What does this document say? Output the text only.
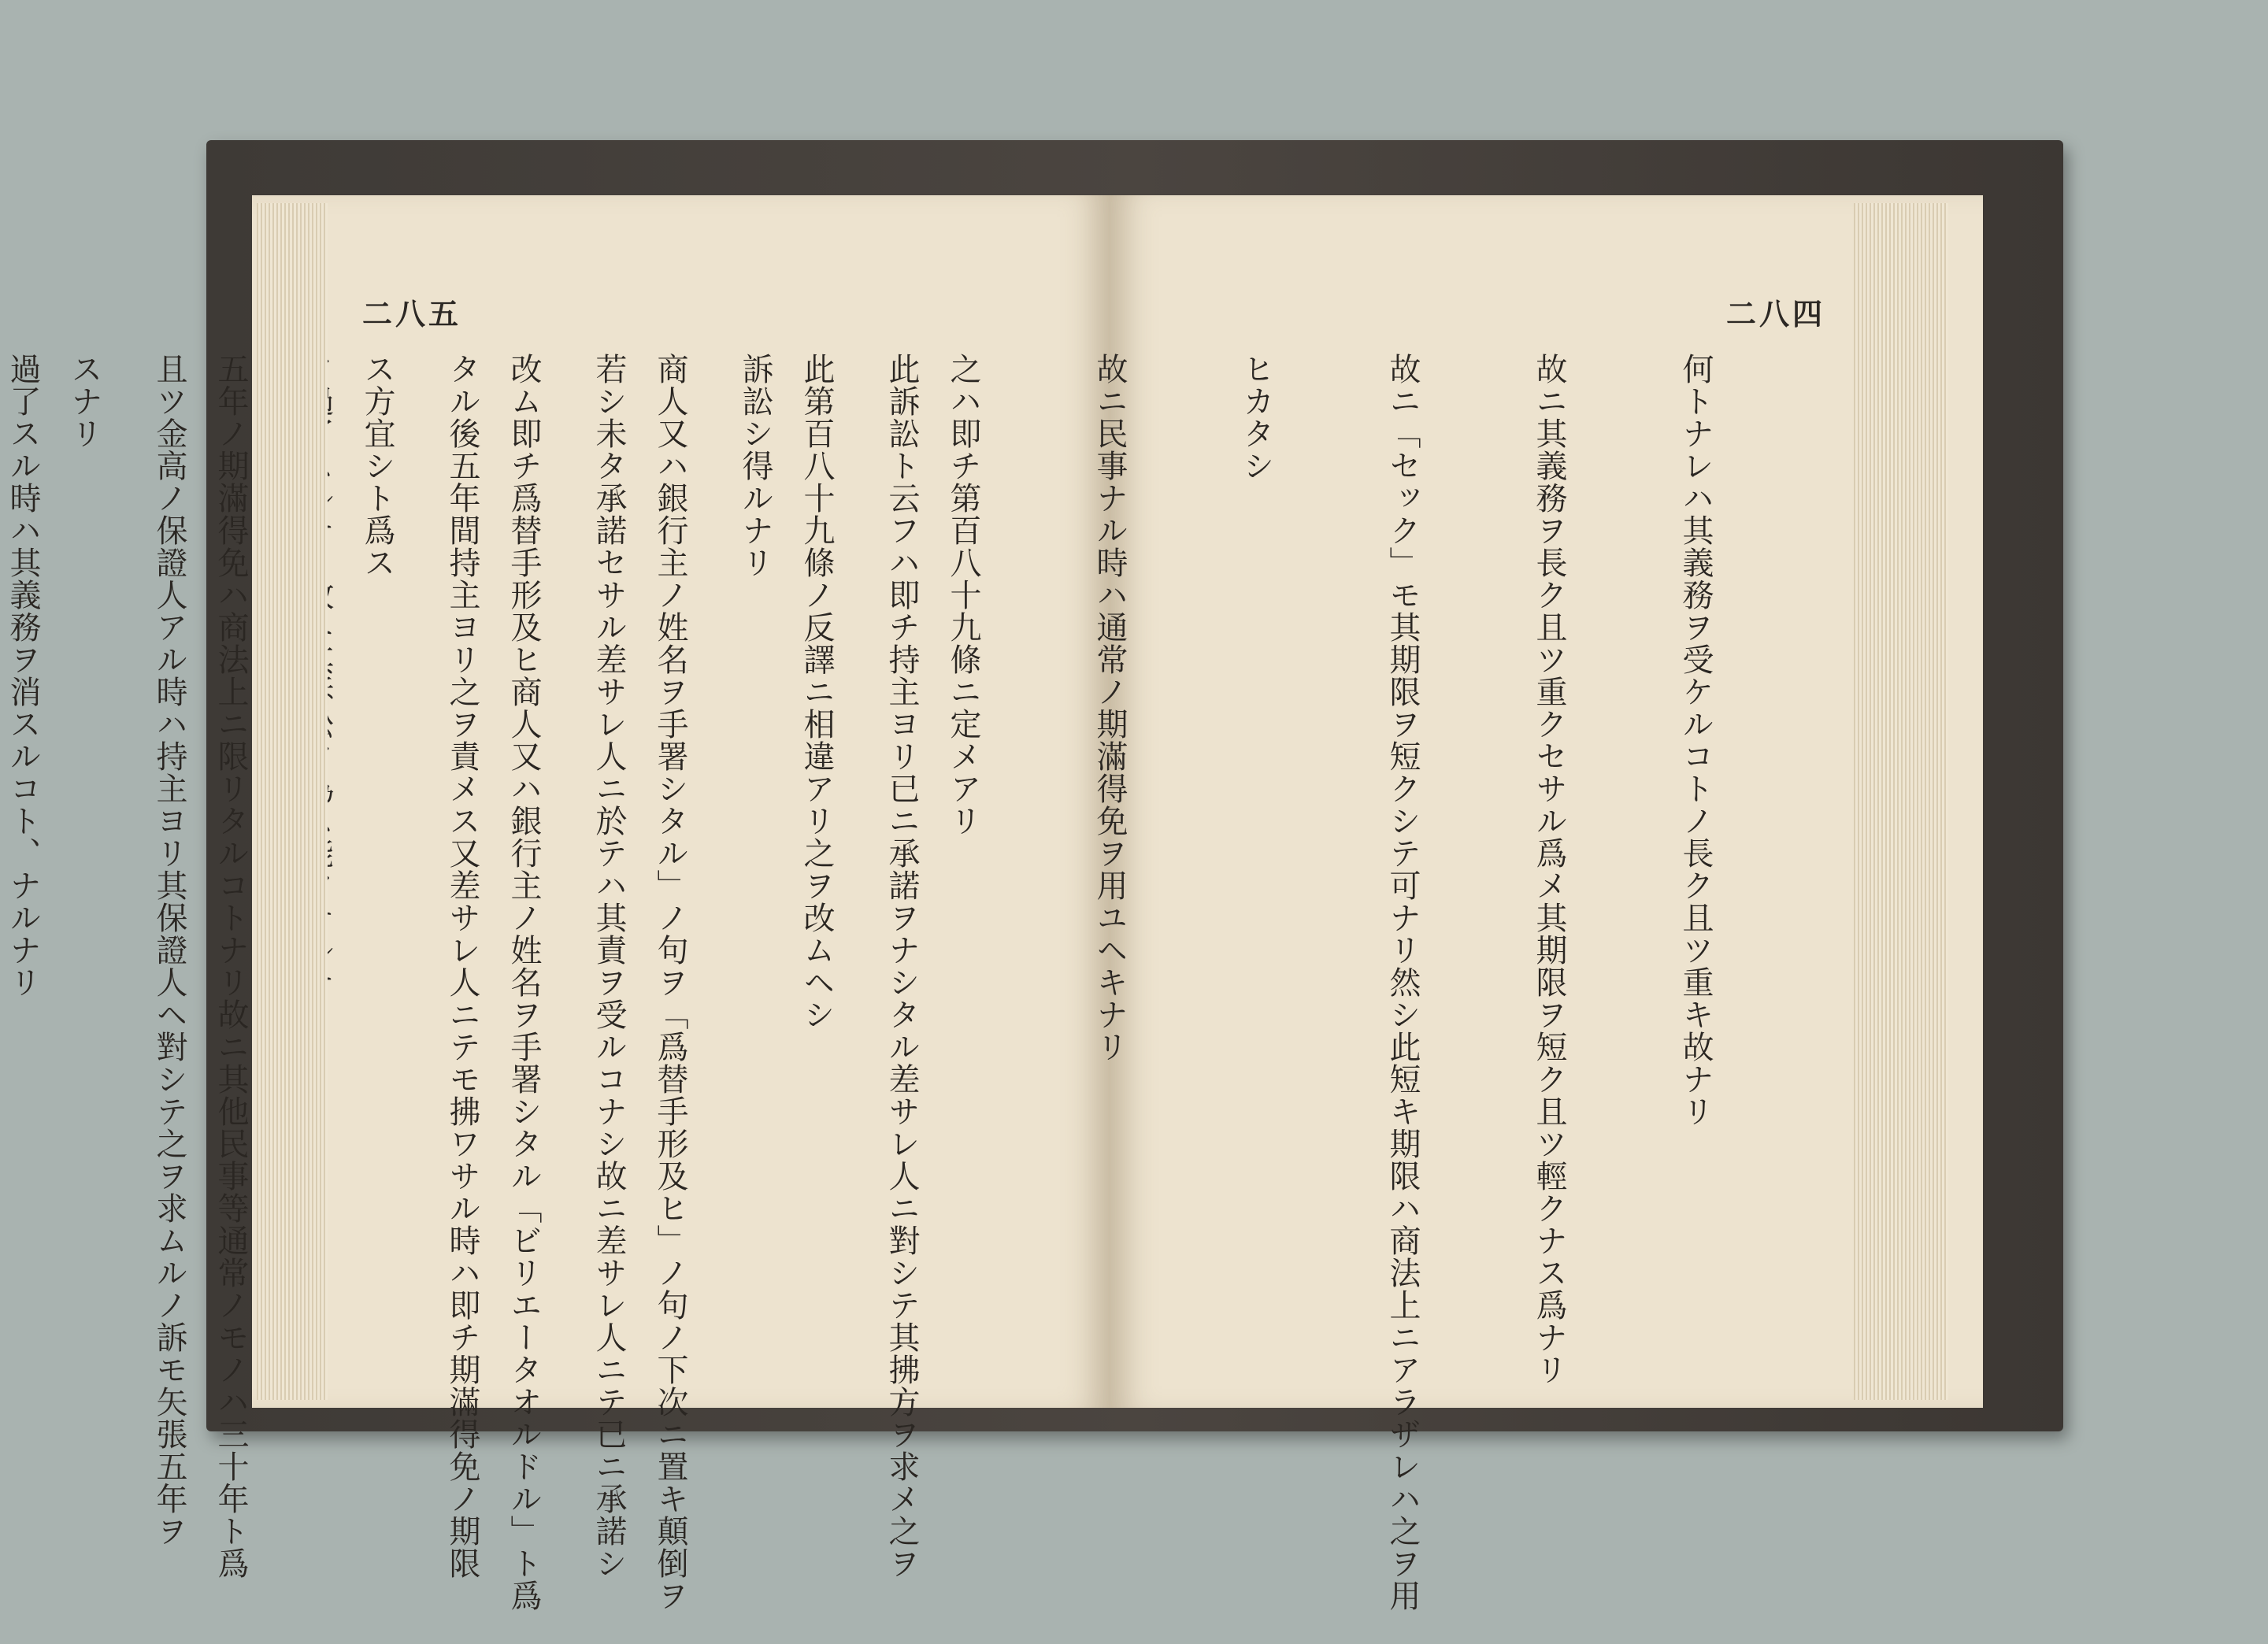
二八五

此訴訟ト云フハ即チ持主ヨリ已ニ承諾ヲナシタル差サレ人ニ對シテ其拂方ヲ求メ之ヲ

訴訟シ得ルナリ

若シ未タ承諾セサル差サレ人ニ於テハ其責ヲ受ルコナシ故ニ差サレ人ニテ已ニ承諾シ

タル後五年間持主ヨリ之ヲ責メス又差サレ人ニテモ拂ワサル時ハ即チ期滿得免ノ期限

且ツ金高ノ保證人アル時ハ持主ヨリ其保證人ヘ對シテ之ヲ求ムルノ訴モ矢張五年ヲ

過了スル時ハ其義務ヲ消スルコト、ナルナリ

二八四

何トナレハ其義務ヲ受ケルコトノ長ク且ツ重キ故ナリ

故ニ其義務ヲ長ク且ツ重クセサル爲メ其期限ヲ短ク且ツ輕クナス爲ナリ

故ニ「セック」モ其期限ヲ短クシテ可ナリ然シ此短キ期限ハ商法上ニアラザレハ之ヲ用

ヒカタシ

故ニ民事ナル時ハ通常ノ期滿得免ヲ用ユヘキナリ

之ハ即チ第百八十九條ニ定メアリ

此第百八十九條ノ反譯ニ相違アリ之ヲ改ムヘシ

商人又ハ銀行主ノ姓名ヲ手署シタル」ノ句ヲ「爲替手形及ヒ」ノ句ノ下次ニ置キ顛倒ヲ

改ム即チ爲替手形及ヒ商人又ハ銀行主ノ姓名ヲ手署シタル「ビリエータオルドル」ト爲

ス方宜シト爲ス

五年ノ期滿得免ハ商法上ニ限リタルコトナリ故ニ其他民事等通常ノモノハ三十年ト爲

スナリ
